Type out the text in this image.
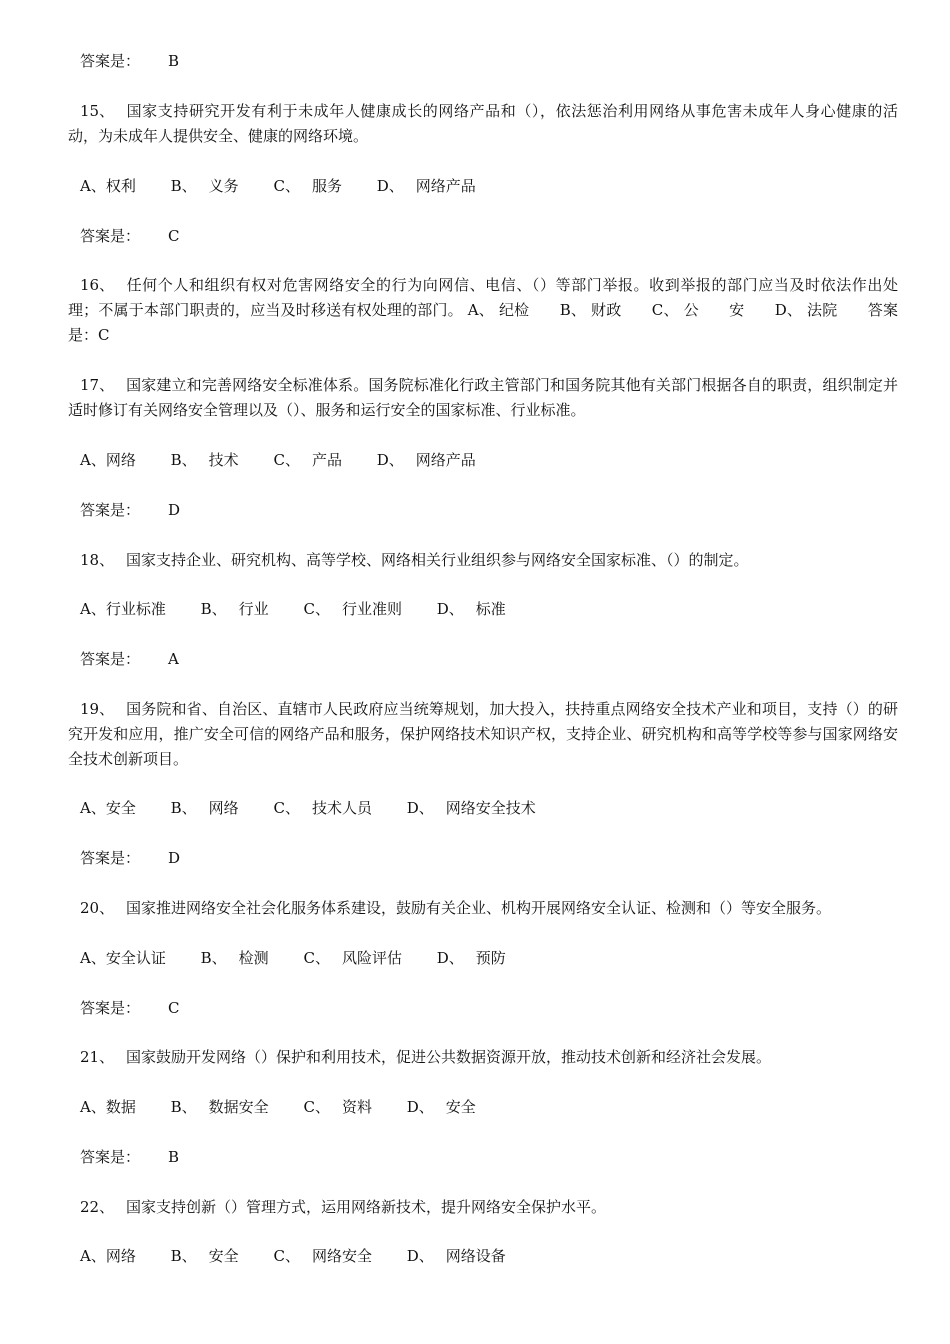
答案是： B
15、 国家支持研究开发有利于未成年人健康成长的网络产品和（），依法惩治利用网络从事危害未成年人身心健康的活动，为未成年人提供安全、健康的网络环境。
A、权利 B、 义务 C、 服务 D、 网络产品
答案是： C
16、 任何个人和组织有权对危害网络安全的行为向网信、电信、（）等部门举报。收到举报的部门应当及时依法作出处理；不属于本部门职责的，应当及时移送有权处理的部门。 A、 纪检　　B、 财政　　C、 公　　安　　D、 法院　　答案是：C
17、 国家建立和完善网络安全标准体系。国务院标准化行政主管部门和国务院其他有关部门根据各自的职责，组织制定并适时修订有关网络安全管理以及（）、服务和运行安全的国家标准、行业标准。
A、网络 B、 技术 C、 产品 D、 网络产品
答案是： D
18、 国家支持企业、研究机构、高等学校、网络相关行业组织参与网络安全国家标准、（）的制定。
A、行业标准 B、 行业 C、 行业准则 D、 标准
答案是： A
19、 国务院和省、自治区、直辖市人民政府应当统筹规划，加大投入，扶持重点网络安全技术产业和项目，支持（）的研究开发和应用，推广安全可信的网络产品和服务，保护网络技术知识产权，支持企业、研究机构和高等学校等参与国家网络安全技术创新项目。
A、安全 B、 网络 C、 技术人员 D、 网络安全技术
答案是： D
20、 国家推进网络安全社会化服务体系建设，鼓励有关企业、机构开展网络安全认证、检测和（）等安全服务。
A、安全认证 B、 检测 C、 风险评估 D、 预防
答案是： C
21、 国家鼓励开发网络（）保护和利用技术，促进公共数据资源开放，推动技术创新和经济社会发展。
A、数据 B、 数据安全 C、 资料 D、 安全
答案是： B
22、 国家支持创新（）管理方式，运用网络新技术，提升网络安全保护水平。
A、网络 B、 安全 C、 网络安全 D、 网络设备
